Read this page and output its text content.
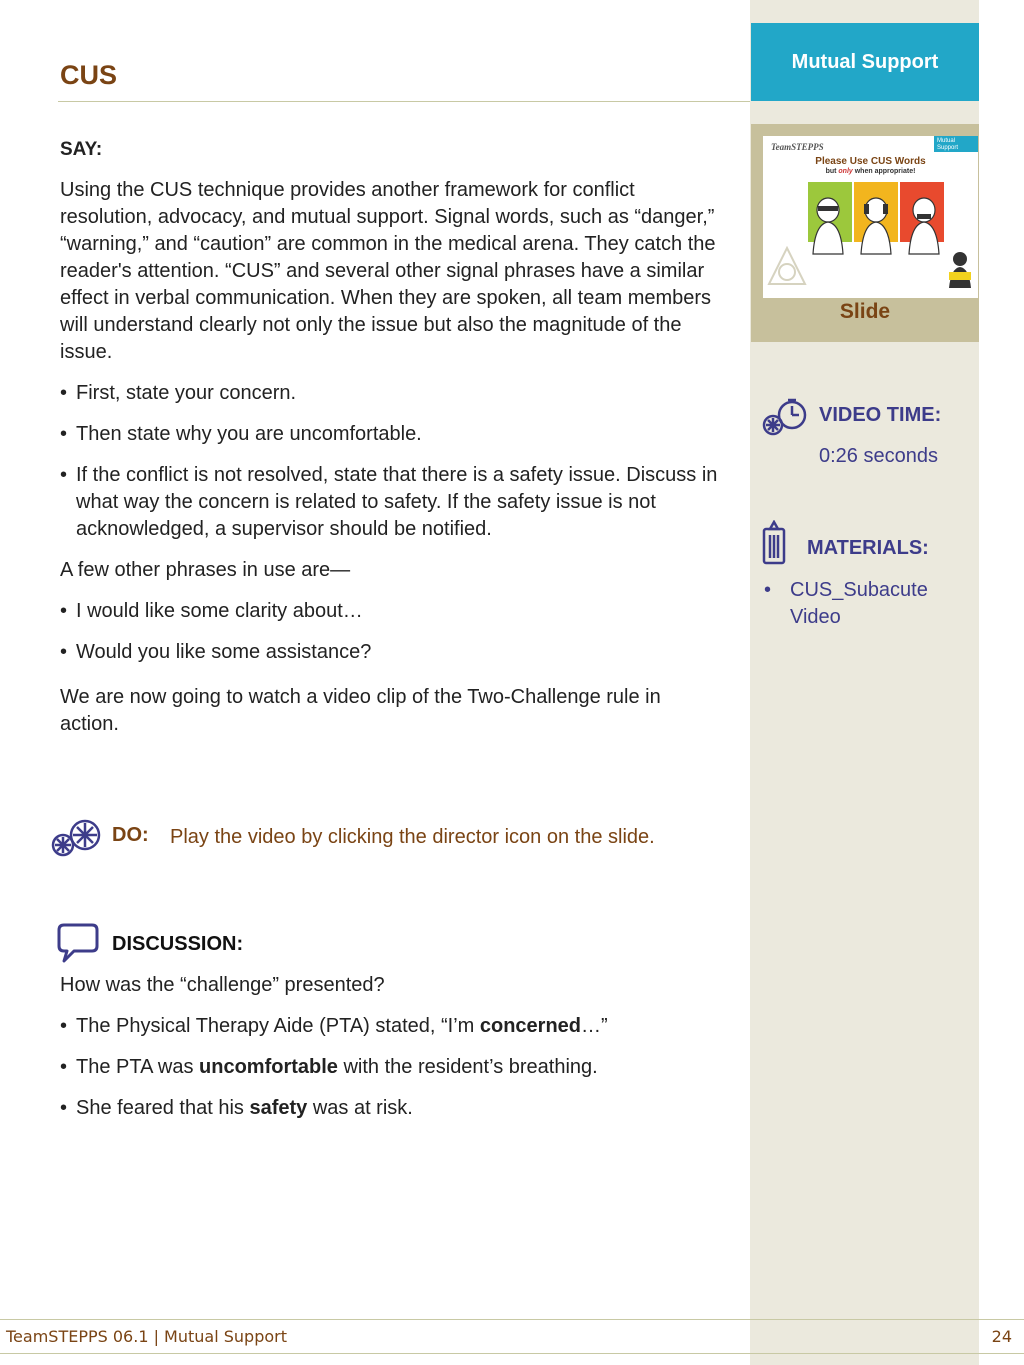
Mutual Support
CUS

SAY:

Using the CUS technique provides another framework for conflict resolution, advocacy, and mutual support. Signal words, such as “danger,” “warning,” and “caution” are common in the medical arena. They catch the reader's attention. “CUS” and several other signal phrases have a similar effect in verbal communication. When they are spoken, all team members will understand clearly not only the issue but also the magnitude of the issue.

• First, state your concern.
• Then state why you are uncomfortable.
• If the conflict is not resolved, state that there is a safety issue. Discuss in what way the concern is related to safety. If the safety issue is not acknowledged, a supervisor should be notified.

A few other phrases in use are—

• I would like some clarity about…
• Would you like some assistance?

We are now going to watch a video clip of the Two-Challenge rule in action.

DO: Play the video by clicking the director icon on the slide.
DISCUSSION:

How was the “challenge” presented?

• The Physical Therapy Aide (PTA) stated, “I’m concerned…”
• The PTA was uncomfortable with the resident’s breathing.
• She feared that his safety was at risk.
TeamSTEPPS
Mutual Support
Please Use CUS Words
but only when appropriate!
Slide
VIDEO TIME:
0:26 seconds
MATERIALS:
• CUS_Subacute Video
TeamSTEPPS 06.1 | Mutual Support	24
